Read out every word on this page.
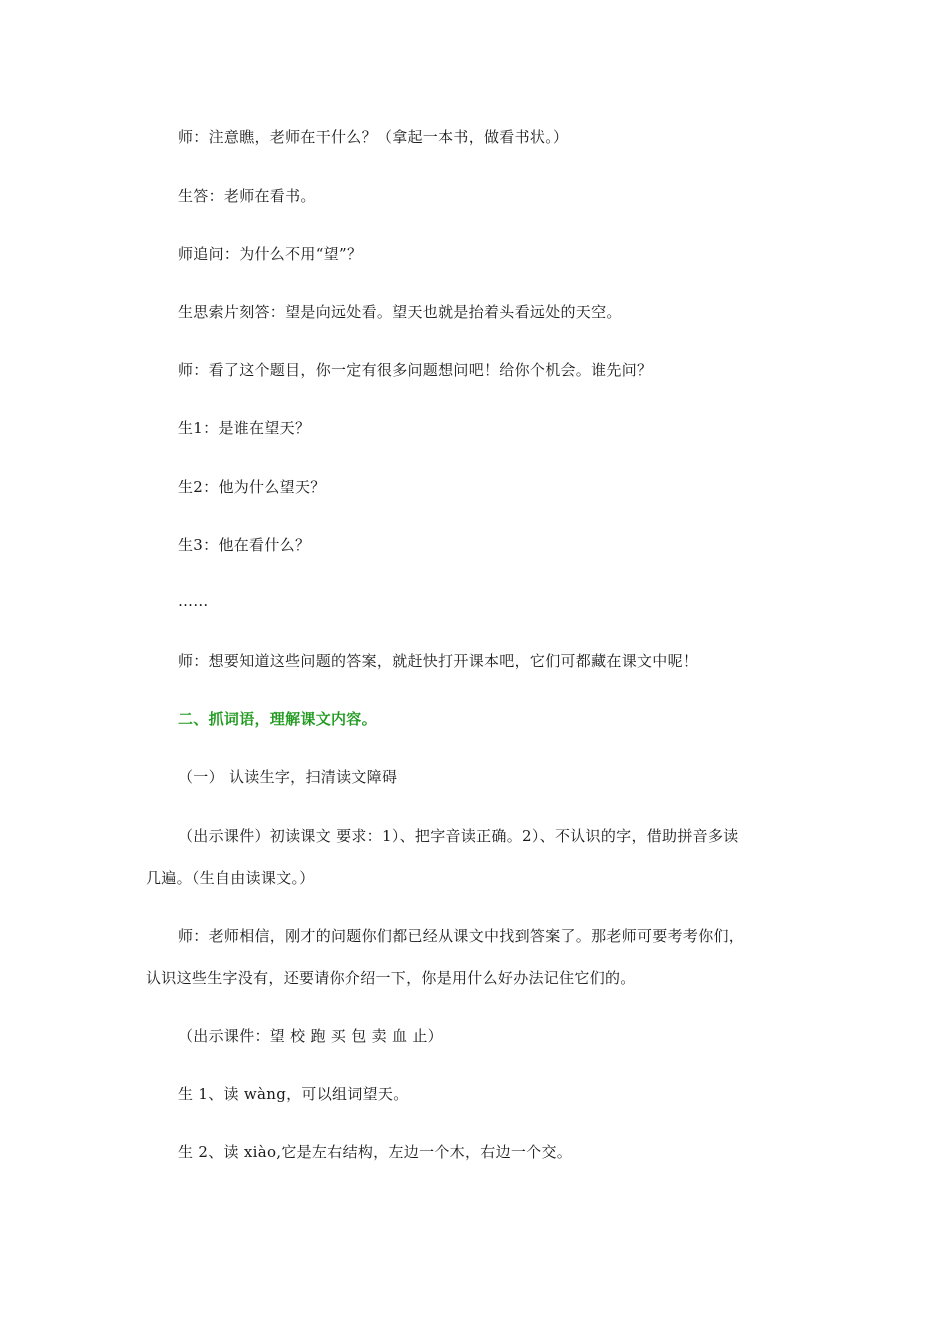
师：注意瞧，老师在干什么？（拿起一本书，做看书状。）
生答：老师在看书。
师追问：为什么不用“望”？
生思索片刻答：望是向远处看。望天也就是抬着头看远处的天空。
师：看了这个题目，你一定有很多问题想问吧！给你个机会。谁先问？
生1：是谁在望天？
生2：他为什么望天？
生3：他在看什么？
……
师：想要知道这些问题的答案，就赶快打开课本吧，它们可都藏在课文中呢！
二、抓词语，理解课文内容。
（一） 认读生字，扫清读文障碍
（出示课件）初读课文 要求：1）、把字音读正确。2）、不认识的字，借助拼音多读
几遍。（生自由读课文。）
师：老师相信，刚才的问题你们都已经从课文中找到答案了。那老师可要考考你们，
认识这些生字没有，还要请你介绍一下，你是用什么好办法记住它们的。
（出示课件：望 校 跑 买 包 卖 血 止）
生 1、读 wàng，可以组词望天。
生 2、读 xiào,它是左右结构，左边一个木，右边一个交。
